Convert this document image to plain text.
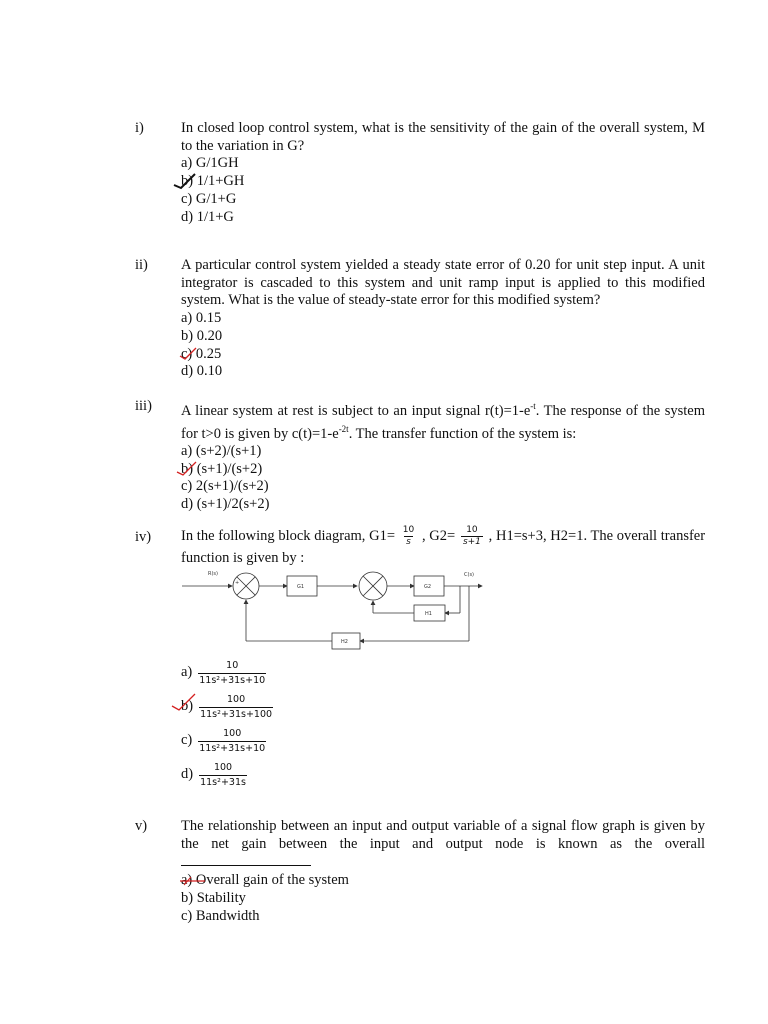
i)	In closed loop control system, what is the sensitivity of the gain of the overall system, M to the variation in G?
a) G/1GH
b) 1/1+GH
c) G/1+G
d) 1/1+G
ii)	A particular control system yielded a steady state error of 0.20 for unit step input. A unit integrator is cascaded to this system and unit ramp input is applied to this modified system. What is the value of steady-state error for this modified system?
a) 0.15
b) 0.20
c) 0.25
d) 0.10
iii)	A linear system at rest is subject to an input signal $r(t)=1-e^{-t}$. The response of the system for t>0 is given by $c(t)=1-e^{-2t}$. The transfer function of the system is:
a) (s+2)/(s+1)
b) (s+1)/(s+2)
c) 2(s+1)/(s+2)
d) (s+1)/2(s+2)
iv)	In the following block diagram, $G1= \frac{10}{s}$ , $G2= \frac{10}{s+1}$ , H1=s+3, H2=1. The overall transfer function is given by :
R(s)	C(s)
+
G1	G2
H1
H2
$a) \frac{10}{\text{11s²+31s+10}}$
$b) \frac{100}{\text{11s²+31s+100}}$
$c) \frac{100}{\text{11s²+31s+10}}$
$d) \frac{100}{\text{11s²+31s}}$
v)	The relationship between an input and output variable of a signal flow graph is given by the net gain between the input and output node is known as the overall
a) Overall gain of the system
b) Stability
c) Bandwidth
